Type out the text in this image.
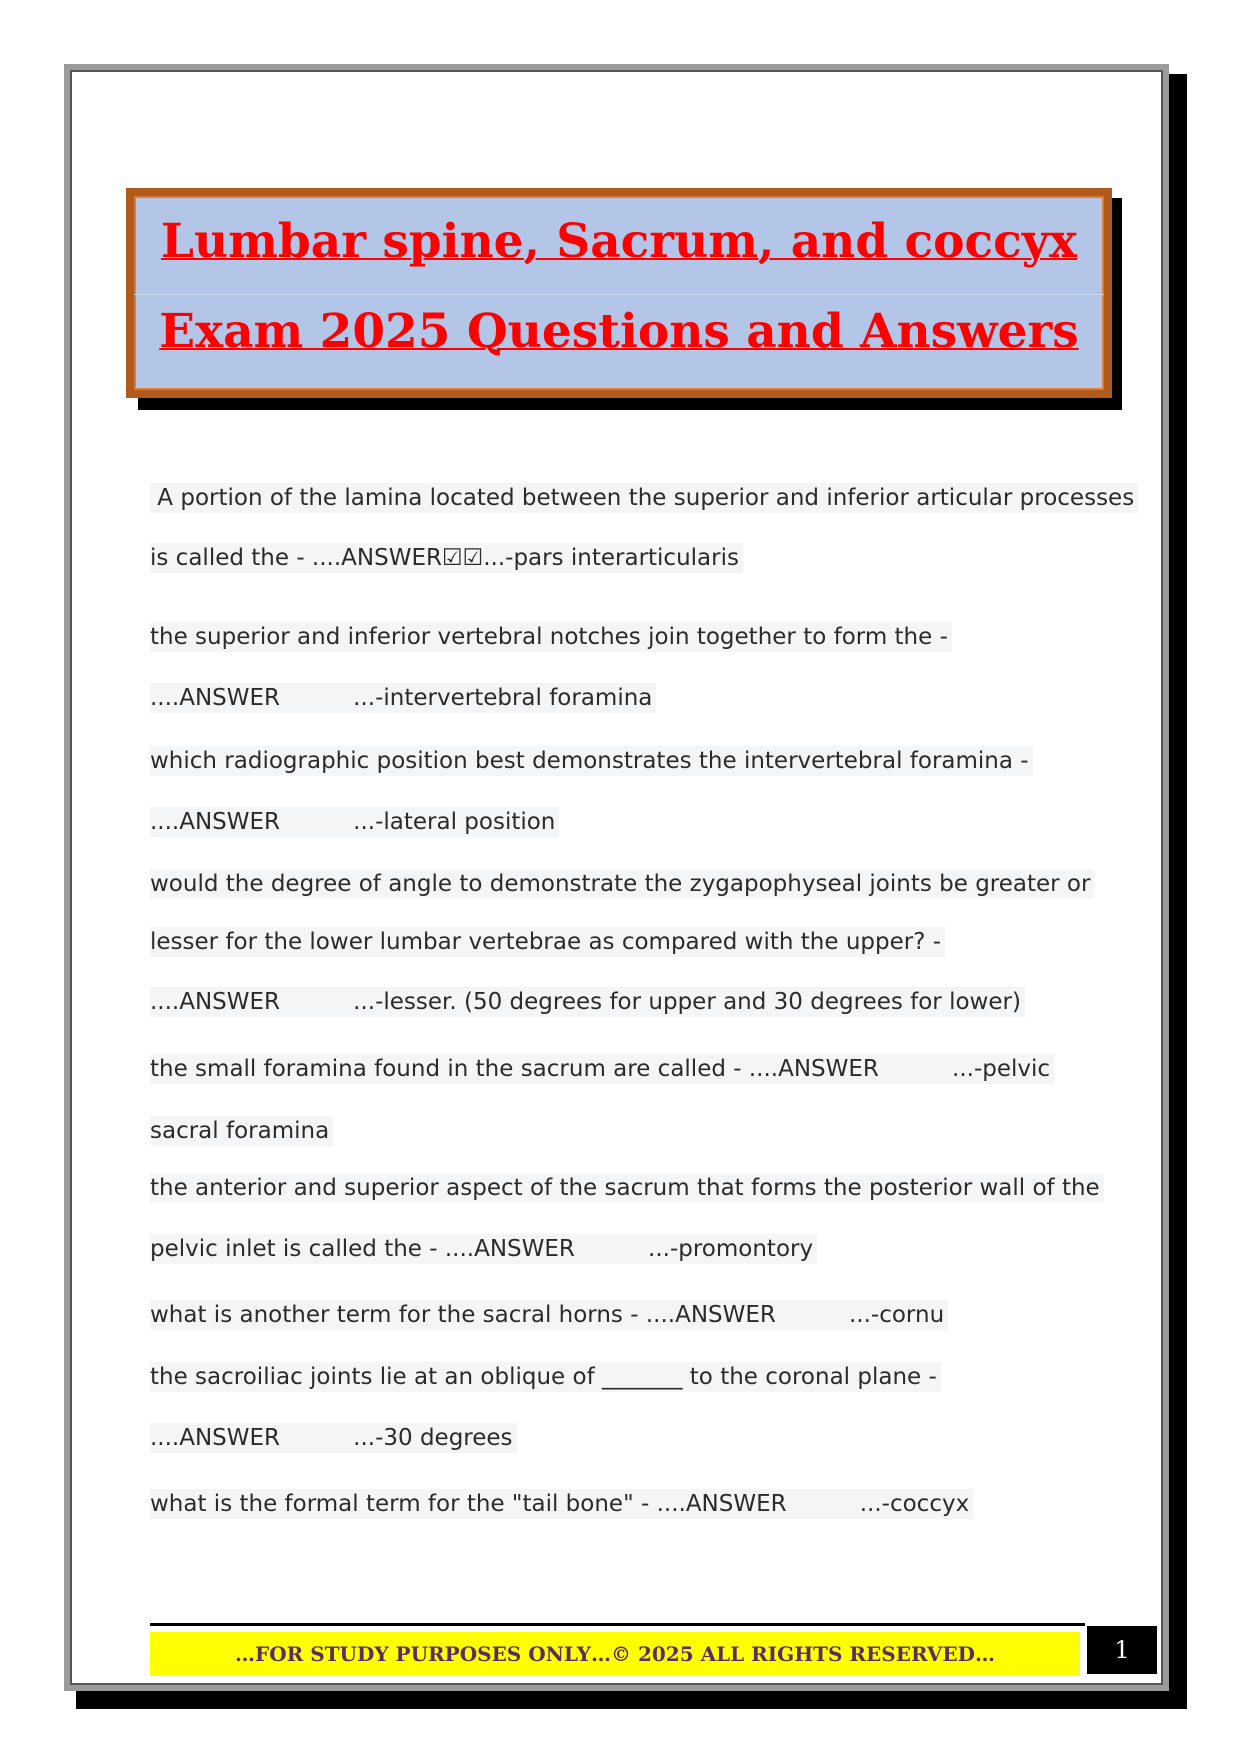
Lumbar spine, Sacrum, and coccyx
Exam 2025 Questions and Answers
A portion of the lamina located between the superior and inferior articular processes
is called the - ....ANSWER☑☑...-pars interarticularis
the superior and inferior vertebral notches join together to form the -
....ANSWER          ...-intervertebral foramina
which radiographic position best demonstrates the intervertebral foramina -
....ANSWER          ...-lateral position
would the degree of angle to demonstrate the zygapophyseal joints be greater or
lesser for the lower lumbar vertebrae as compared with the upper? -
....ANSWER          ...-lesser. (50 degrees for upper and 30 degrees for lower)
the small foramina found in the sacrum are called - ....ANSWER          ...-pelvic
sacral foramina
the anterior and superior aspect of the sacrum that forms the posterior wall of the
pelvic inlet is called the - ....ANSWER          ...-promontory
what is another term for the sacral horns - ....ANSWER          ...-cornu
the sacroiliac joints lie at an oblique of _______ to the coronal plane -
....ANSWER          ...-30 degrees
what is the formal term for the "tail bone" - ....ANSWER          ...-coccyx
…FOR STUDY PURPOSES ONLY…© 2025 ALL RIGHTS RESERVED…	1
